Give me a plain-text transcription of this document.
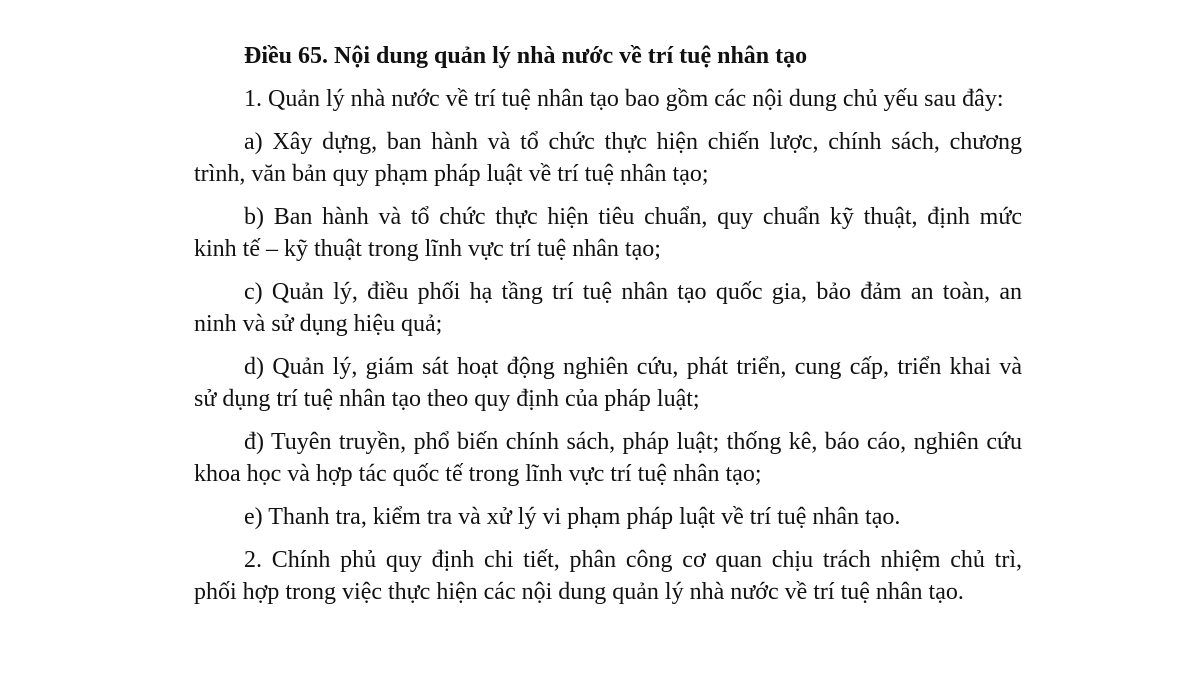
Điều 65. Nội dung quản lý nhà nước về trí tuệ nhân tạo
1. Quản lý nhà nước về trí tuệ nhân tạo bao gồm các nội dung chủ yếu sau đây:
a) Xây dựng, ban hành và tổ chức thực hiện chiến lược, chính sách, chương
trình, văn bản quy phạm pháp luật về trí tuệ nhân tạo;
b) Ban hành và tổ chức thực hiện tiêu chuẩn, quy chuẩn kỹ thuật, định mức
kinh tế – kỹ thuật trong lĩnh vực trí tuệ nhân tạo;
c) Quản lý, điều phối hạ tầng trí tuệ nhân tạo quốc gia, bảo đảm an toàn, an
ninh và sử dụng hiệu quả;
d) Quản lý, giám sát hoạt động nghiên cứu, phát triển, cung cấp, triển khai và
sử dụng trí tuệ nhân tạo theo quy định của pháp luật;
đ) Tuyên truyền, phổ biến chính sách, pháp luật; thống kê, báo cáo, nghiên cứu
khoa học và hợp tác quốc tế trong lĩnh vực trí tuệ nhân tạo;
e) Thanh tra, kiểm tra và xử lý vi phạm pháp luật về trí tuệ nhân tạo.
2. Chính phủ quy định chi tiết, phân công cơ quan chịu trách nhiệm chủ trì,
phối hợp trong việc thực hiện các nội dung quản lý nhà nước về trí tuệ nhân tạo.
